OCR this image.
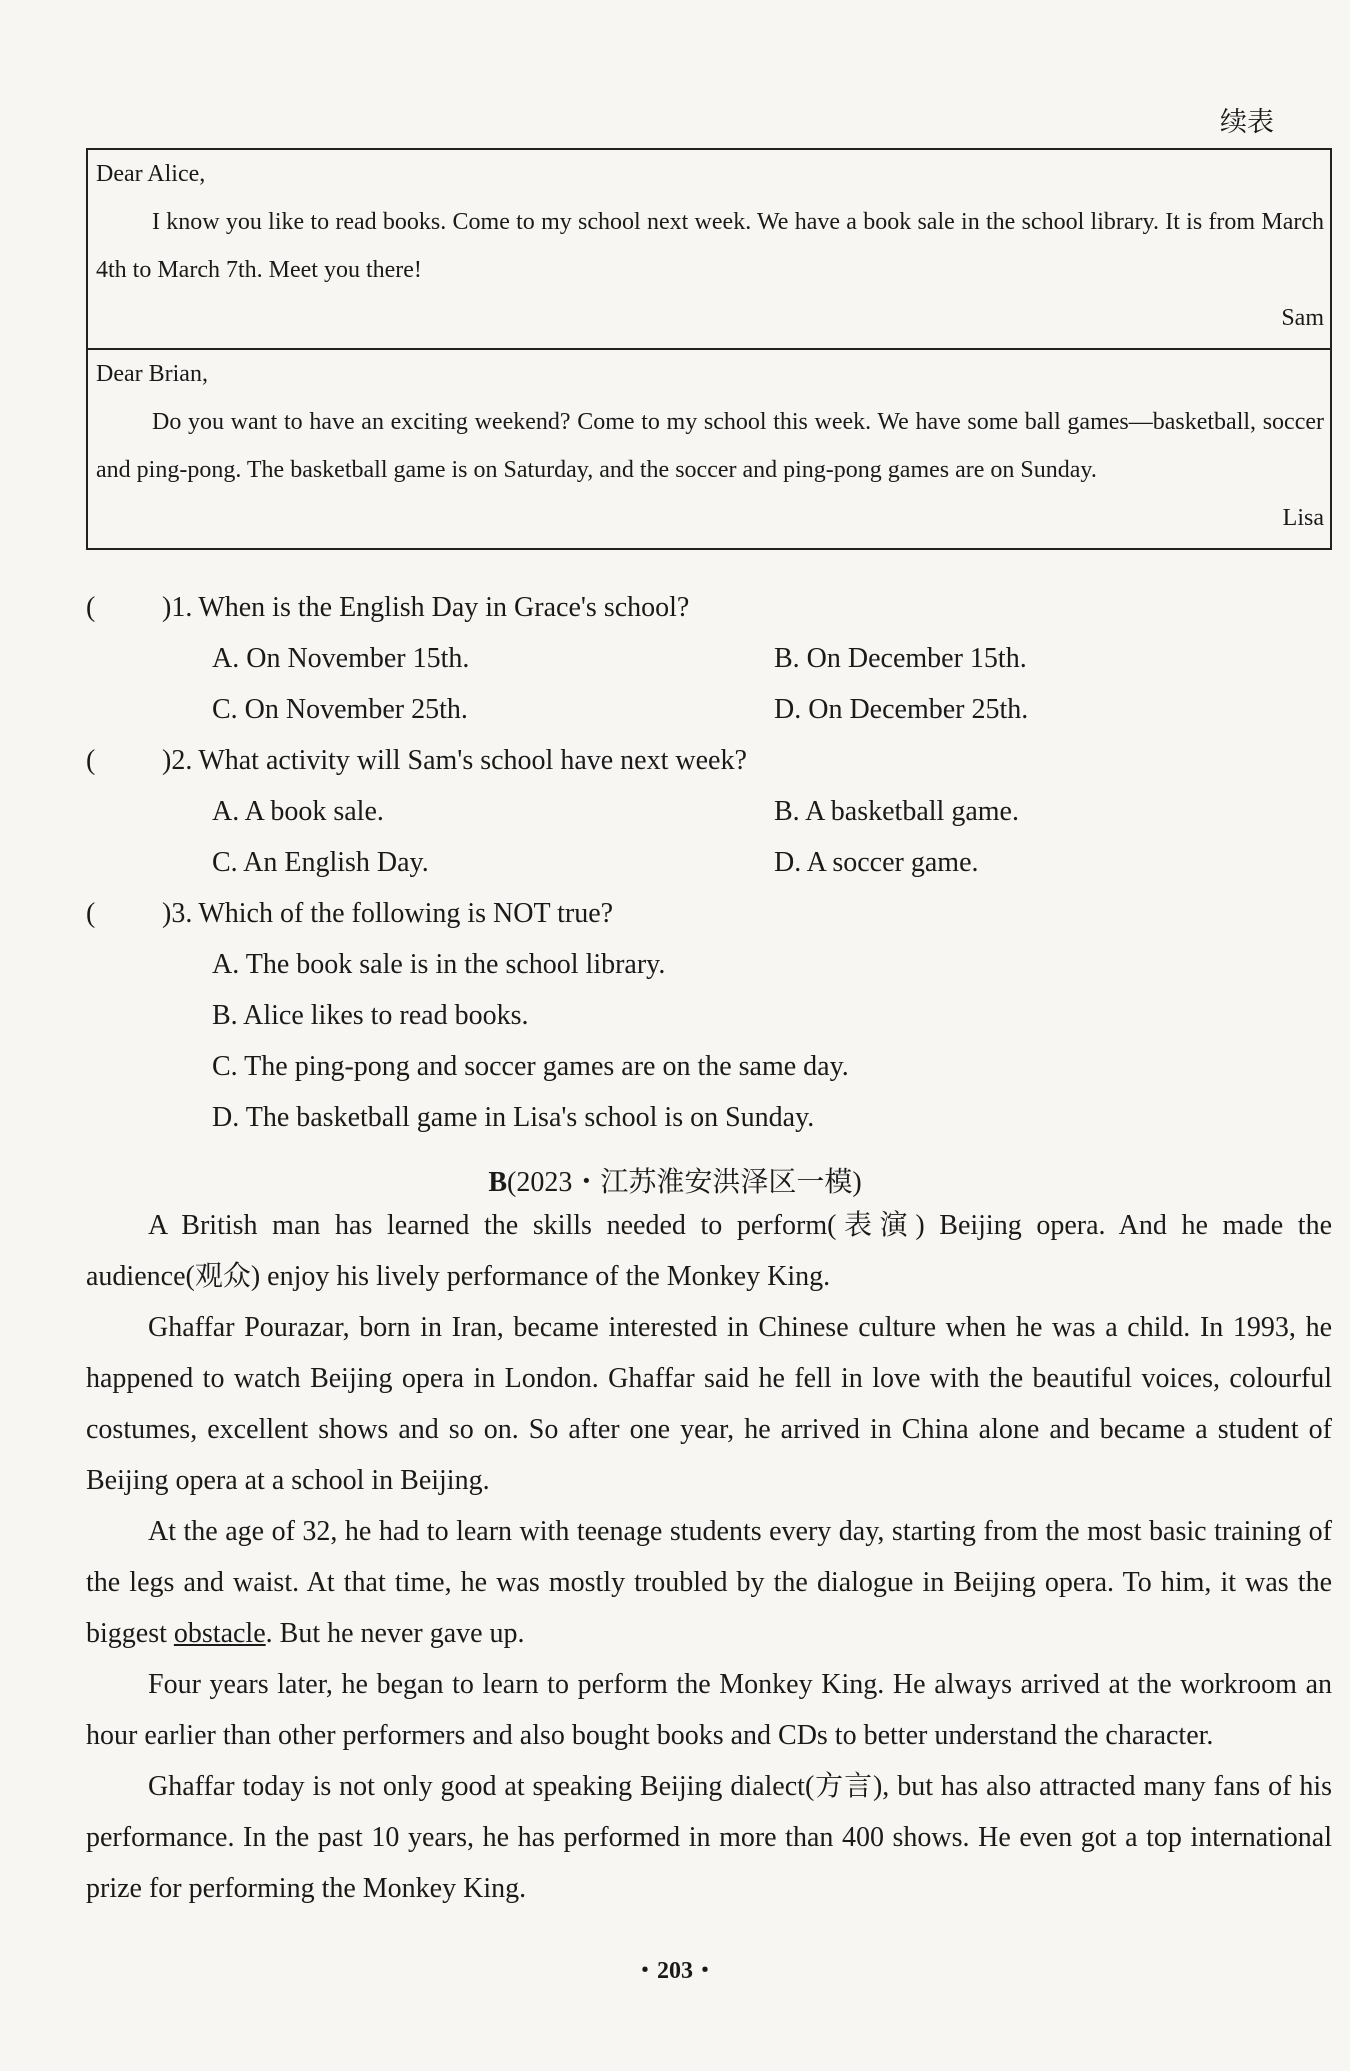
续表

Dear Alice,

I know you like to read books. Come to my school next week. We have a book sale in the school library. It is from March 4th to March 7th. Meet you there!

Sam

Dear Brian,

Do you want to have an exciting weekend? Come to my school this week. We have some ball games—basketball, soccer and ping-pong. The basketball game is on Saturday, and the soccer and ping-pong games are on Sunday.

Lisa

(	)1. When is the English Day in Grace's school?
A. On November 15th.	B. On December 15th.
C. On November 25th.	D. On December 25th.
(	)2. What activity will Sam's school have next week?
A. A book sale.	B. A basketball game.
C. An English Day.	D. A soccer game.
(	)3. Which of the following is NOT true?
A. The book sale is in the school library.
B. Alice likes to read books.
C. The ping-pong and soccer games are on the same day.
D. The basketball game in Lisa's school is on Sunday.
B(2023・江苏淮安洪泽区一模)

A British man has learned the skills needed to perform(表演) Beijing opera. And he made the audience(观众) enjoy his lively performance of the Monkey King.

Ghaffar Pourazar, born in Iran, became interested in Chinese culture when he was a child. In 1993, he happened to watch Beijing opera in London. Ghaffar said he fell in love with the beautiful voices, colourful costumes, excellent shows and so on. So after one year, he arrived in China alone and became a student of Beijing opera at a school in Beijing.

At the age of 32, he had to learn with teenage students every day, starting from the most basic training of the legs and waist. At that time, he was mostly troubled by the dialogue in Beijing opera. To him, it was the biggest obstacle. But he never gave up.

Four years later, he began to learn to perform the Monkey King. He always arrived at the workroom an hour earlier than other performers and also bought books and CDs to better understand the character.

Ghaffar today is not only good at speaking Beijing dialect(方言), but has also attracted many fans of his performance. In the past 10 years, he has performed in more than 400 shows. He even got a top international prize for performing the Monkey King.

・203・
